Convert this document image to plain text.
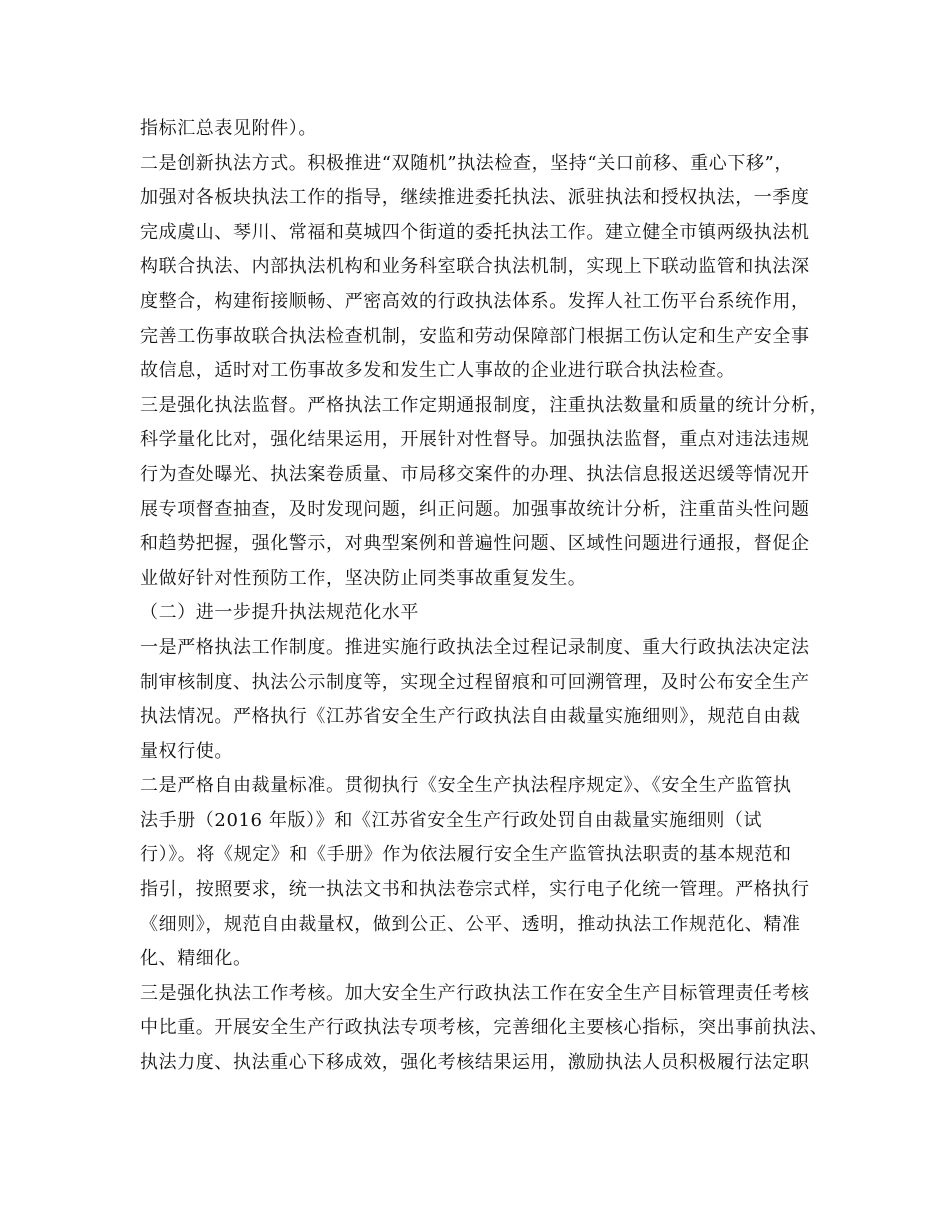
指标汇总表见附件）。
二是创新执法方式。积极推进“双随机”执法检查，坚持“关口前移、重心下移”，
加强对各板块执法工作的指导，继续推进委托执法、派驻执法和授权执法，一季度
完成虞山、琴川、常福和莫城四个街道的委托执法工作。建立健全市镇两级执法机
构联合执法、内部执法机构和业务科室联合执法机制，实现上下联动监管和执法深
度整合，构建衔接顺畅、严密高效的行政执法体系。发挥人社工伤平台系统作用，
完善工伤事故联合执法检查机制，安监和劳动保障部门根据工伤认定和生产安全事
故信息，适时对工伤事故多发和发生亡人事故的企业进行联合执法检查。
三是强化执法监督。严格执法工作定期通报制度，注重执法数量和质量的统计分析，
科学量化比对，强化结果运用，开展针对性督导。加强执法监督，重点对违法违规
行为查处曝光、执法案卷质量、市局移交案件的办理、执法信息报送迟缓等情况开
展专项督查抽查，及时发现问题，纠正问题。加强事故统计分析，注重苗头性问题
和趋势把握，强化警示，对典型案例和普遍性问题、区域性问题进行通报，督促企
业做好针对性预防工作，坚决防止同类事故重复发生。
（二）进一步提升执法规范化水平
一是严格执法工作制度。推进实施行政执法全过程记录制度、重大行政执法决定法
制审核制度、执法公示制度等，实现全过程留痕和可回溯管理，及时公布安全生产
执法情况。严格执行《江苏省安全生产行政执法自由裁量实施细则》，规范自由裁
量权行使。
二是严格自由裁量标准。贯彻执行《安全生产执法程序规定》、《安全生产监管执
法手册（2016 年版）》和《江苏省安全生产行政处罚自由裁量实施细则（试
行）》。将《规定》和《手册》作为依法履行安全生产监管执法职责的基本规范和
指引，按照要求，统一执法文书和执法卷宗式样，实行电子化统一管理。严格执行
《细则》，规范自由裁量权，做到公正、公平、透明，推动执法工作规范化、精准
化、精细化。
三是强化执法工作考核。加大安全生产行政执法工作在安全生产目标管理责任考核
中比重。开展安全生产行政执法专项考核，完善细化主要核心指标，突出事前执法、
执法力度、执法重心下移成效，强化考核结果运用，激励执法人员积极履行法定职
